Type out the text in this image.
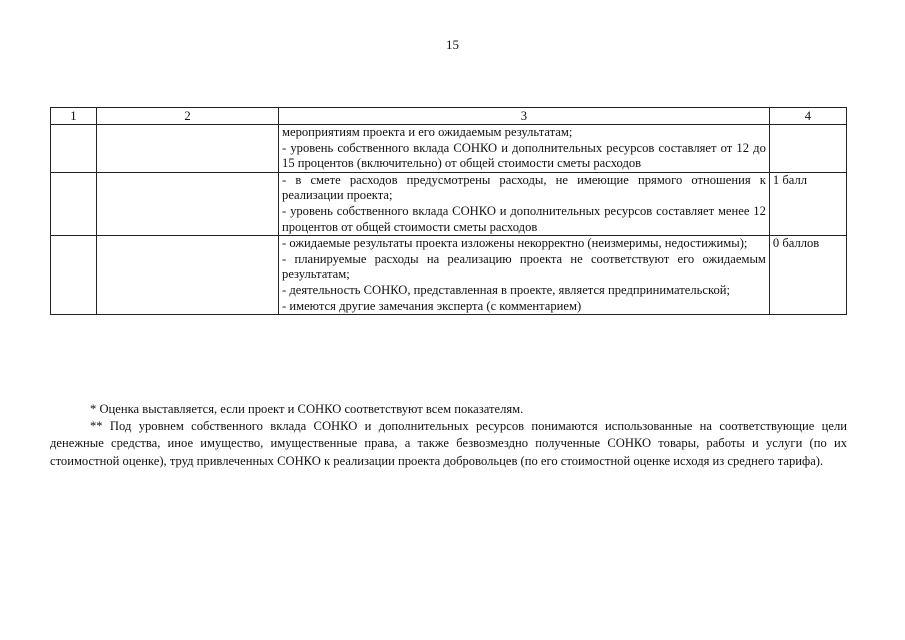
15
1	2	3	4

		мероприятиям проекта и его ожидаемым результатам;
- уровень собственного вклада СОНКО и дополнительных ресурсов составляет от 12 до 15 процентов (включительно) от общей стоимости сметы расходов	

		- в смете расходов предусмотрены расходы, не имеющие прямого отношения к реализации проекта;
- уровень собственного вклада СОНКО и дополнительных ресурсов составляет менее 12 процентов от общей стоимости сметы расходов	1 балл

		- ожидаемые результаты проекта изложены некорректно (неизмеримы, недостижимы);
- планируемые расходы на реализацию проекта не соответствуют его ожидаемым результатам;
- деятельность СОНКО, представленная в проекте, является предпринимательской;
- имеются другие замечания эксперта (с комментарием)	0 баллов

* Оценка выставляется, если проект и СОНКО соответствуют всем показателям.

** Под уровнем собственного вклада СОНКО и дополнительных ресурсов понимаются использованные на соответствующие цели денежные средства, иное имущество, имущественные права, а также безвозмездно полученные СОНКО товары, работы и услуги (по их стоимостной оценке), труд привлеченных СОНКО к реализации проекта добровольцев (по его стоимостной оценке исходя из среднего тарифа).
